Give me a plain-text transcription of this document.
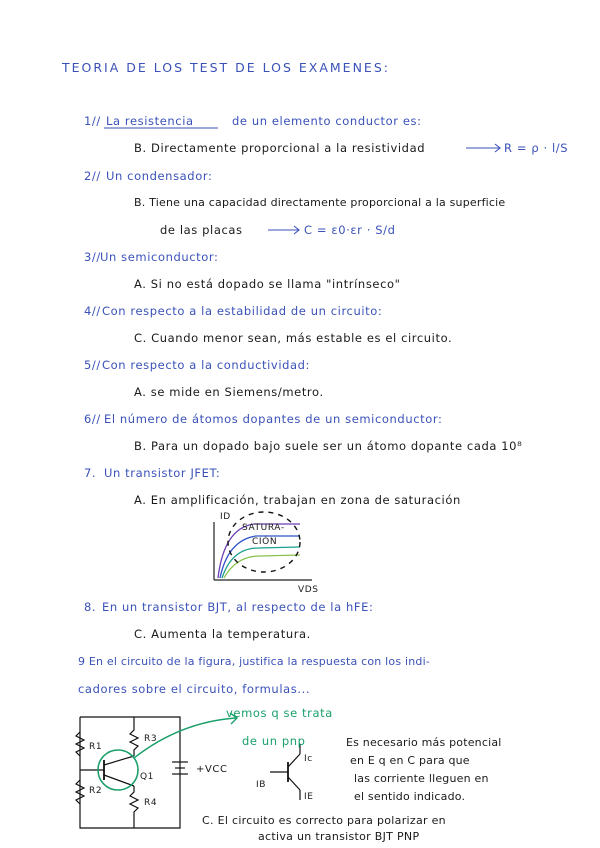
TEORIA DE LOS TEST DE LOS EXAMENES:
1// La resistencia	de un elemento conductor es:
B. Directamente proporcional a la resistividad	R = ρ · l/S
2// Un condensador:
B. Tiene una capacidad directamente proporcional a la superficie
de las placas	C = ε0·εr · S/d
3// Un semiconductor:
A. Si no está dopado se llama "intrínseco"
4// Con respecto a la estabilidad de un circuito:
C. Cuando menor sean, más estable es el circuito.
5// Con respecto a la conductividad:
A. se mide en Siemens/metro.
6// El número de átomos dopantes de un semiconductor:
B. Para un dopado bajo suele ser un átomo dopante cada 10⁸
7. Un transistor JFET:
A. En amplificación, trabajan en zona de saturación
ID
VDS
SATURA-
CIÓN
8. En un transistor BJT, al respecto de la hFE:
C. Aumenta la temperatura.
9 En el circuito de la figura, justifica la respuesta con los indi-
cadores sobre el circuito, formulas...
R1
R2
R3
R4
Q1
+VCC
vemos q se trata
de un pnp
Ic
IB
IE
Es necesario más potencial
en E q en C para que
las corriente lleguen en
el sentido indicado.
C. El circuito es correcto para polarizar en
activa un transistor BJT PNP
